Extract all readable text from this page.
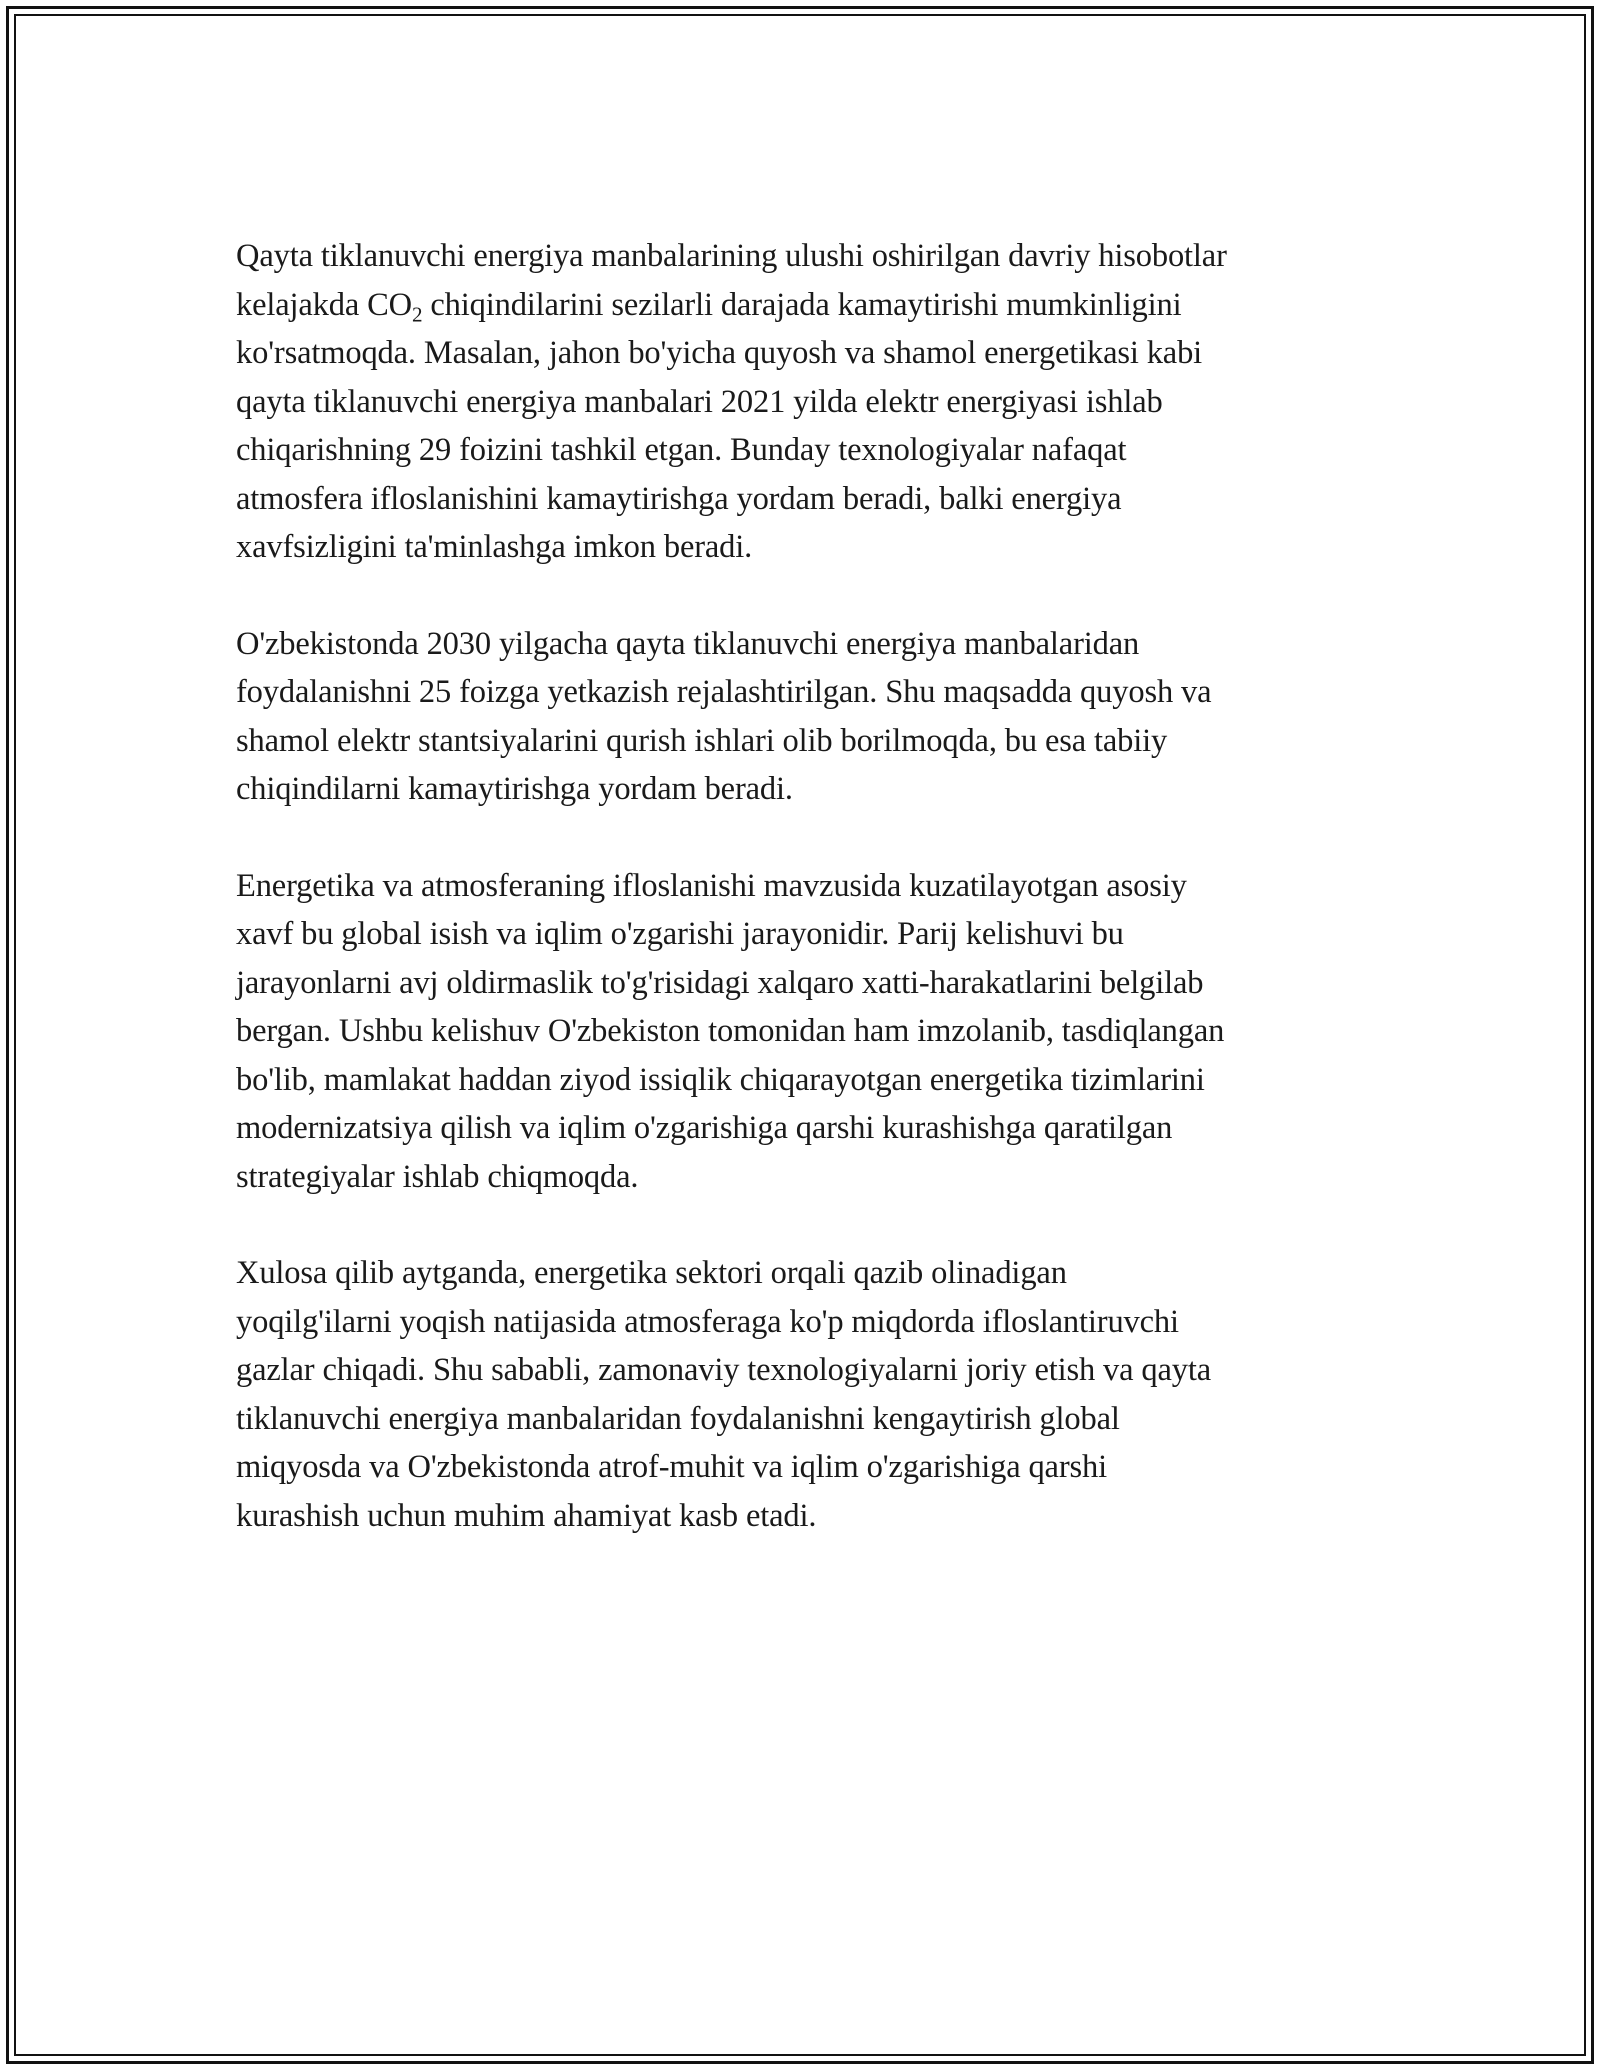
Qayta tiklanuvchi energiya manbalarining ulushi oshirilgan davriy hisobotlar
kelajakda $CO_2$ chiqindilarini sezilarli darajada kamaytirishi mumkinligini
ko'rsatmoqda. Masalan, jahon bo'yicha quyosh va shamol energetikasi kabi
qayta tiklanuvchi energiya manbalari 2021 yilda elektr energiyasi ishlab
chiqarishning 29 foizini tashkil etgan. Bunday texnologiyalar nafaqat
atmosfera ifloslanishini kamaytirishga yordam beradi, balki energiya
xavfsizligini ta'minlashga imkon beradi.

O'zbekistonda 2030 yilgacha qayta tiklanuvchi energiya manbalaridan
foydalanishni 25 foizga yetkazish rejalashtirilgan. Shu maqsadda quyosh va
shamol elektr stantsiyalarini qurish ishlari olib borilmoqda, bu esa tabiiy
chiqindilarni kamaytirishga yordam beradi.

Energetika va atmosferaning ifloslanishi mavzusida kuzatilayotgan asosiy
xavf bu global isish va iqlim o'zgarishi jarayonidir. Parij kelishuvi bu
jarayonlarni avj oldirmaslik to'g'risidagi xalqaro xatti-harakatlarini belgilab
bergan. Ushbu kelishuv O'zbekiston tomonidan ham imzolanib, tasdiqlangan
bo'lib, mamlakat haddan ziyod issiqlik chiqarayotgan energetika tizimlarini
modernizatsiya qilish va iqlim o'zgarishiga qarshi kurashishga qaratilgan
strategiyalar ishlab chiqmoqda.

Xulosa qilib aytganda, energetika sektori orqali qazib olinadigan
yoqilg'ilarni yoqish natijasida atmosferaga ko'p miqdorda ifloslantiruvchi
gazlar chiqadi. Shu sababli, zamonaviy texnologiyalarni joriy etish va qayta
tiklanuvchi energiya manbalaridan foydalanishni kengaytirish global
miqyosda va O'zbekistonda atrof-muhit va iqlim o'zgarishiga qarshi
kurashish uchun muhim ahamiyat kasb etadi.
